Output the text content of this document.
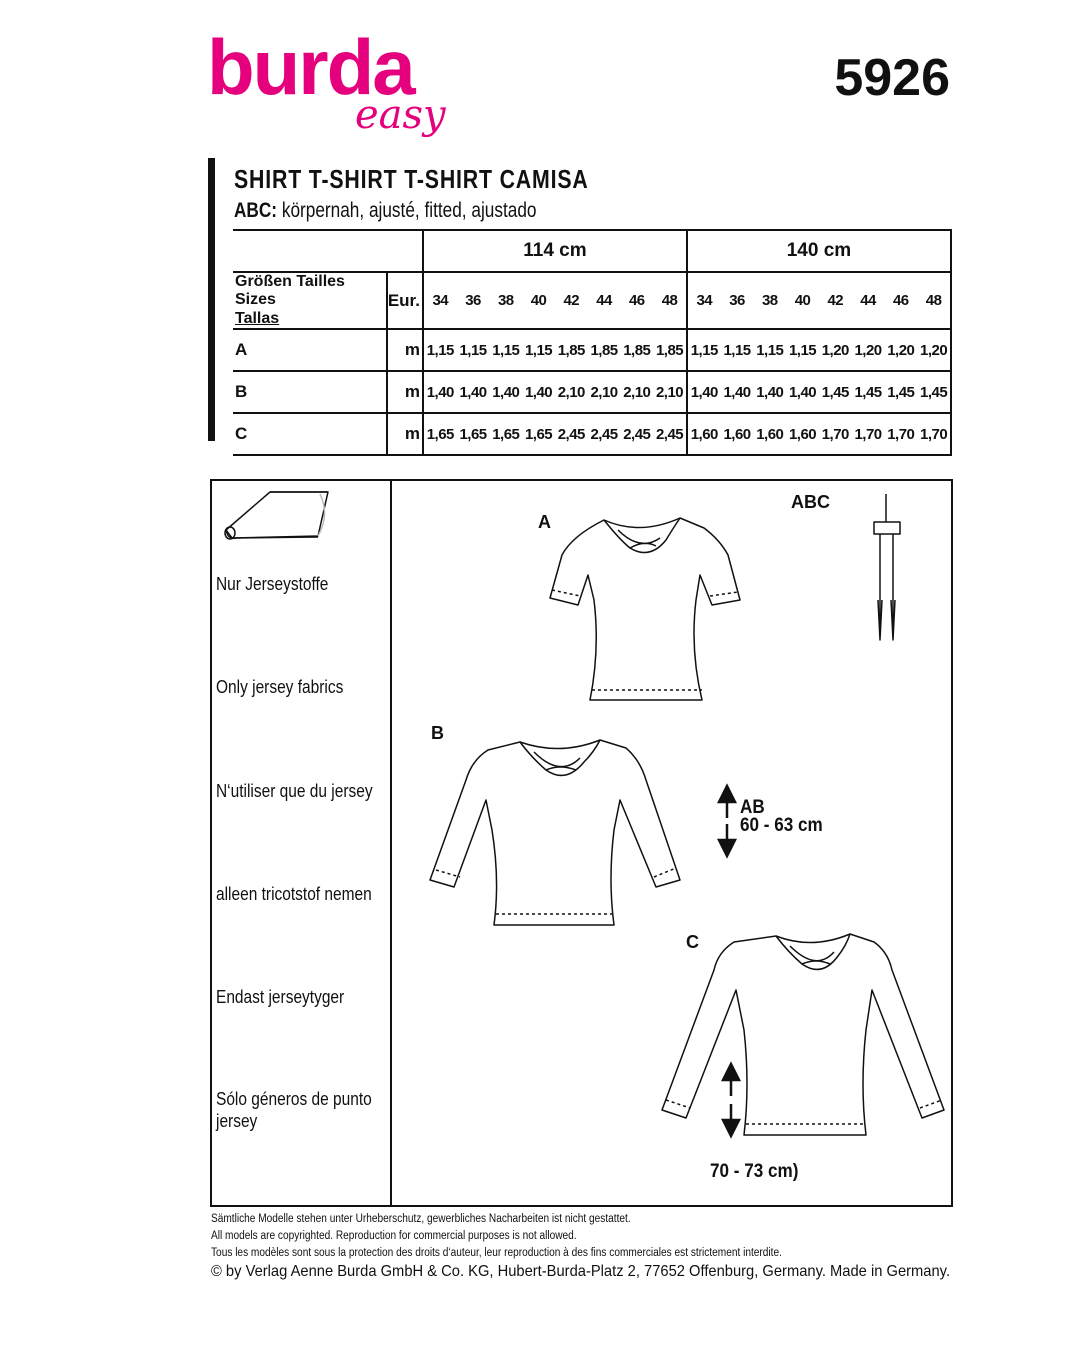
burda
easy
5926
SHIRT T-SHIRT T-SHIRT CAMISA
ABC: körpernah, ajusté, fitted, ajustado
		114 cm								140 cm							
Größen Tailles Sizes
Tallas	Eur.	34	36	38	40	42	44	46	48	34	36	38	40	42	44	46	48
A	m	1,15	1,15	1,15	1,15	1,85	1,85	1,85	1,85	1,15	1,15	1,15	1,15	1,20	1,20	1,20	1,20
B	m	1,40	1,40	1,40	1,40	2,10	2,10	2,10	2,10	1,40	1,40	1,40	1,40	1,45	1,45	1,45	1,45
C	m	1,65	1,65	1,65	1,65	2,45	2,45	2,45	2,45	1,60	1,60	1,60	1,60	1,70	1,70	1,70	1,70
Nur Jerseystoffe
Only jersey fabrics
N‘utiliser que du jersey
alleen tricotstof nemen
Endast jerseytyger
Sólo géneros de punto
jersey
A
B
C
ABC
AB
60 - 63 cm
70 - 73 cm)
Sämtliche Modelle stehen unter Urheberschutz, gewerbliches Nacharbeiten ist nicht gestattet.
All models are copyrighted. Reproduction for commercial purposes is not allowed.
Tous les modèles sont sous la protection des droits d‘auteur, leur reproduction à des fins commerciales est strictement interdite.
© by Verlag Aenne Burda GmbH & Co. KG, Hubert-Burda-Platz 2, 77652 Offenburg, Germany. Made in Germany.
